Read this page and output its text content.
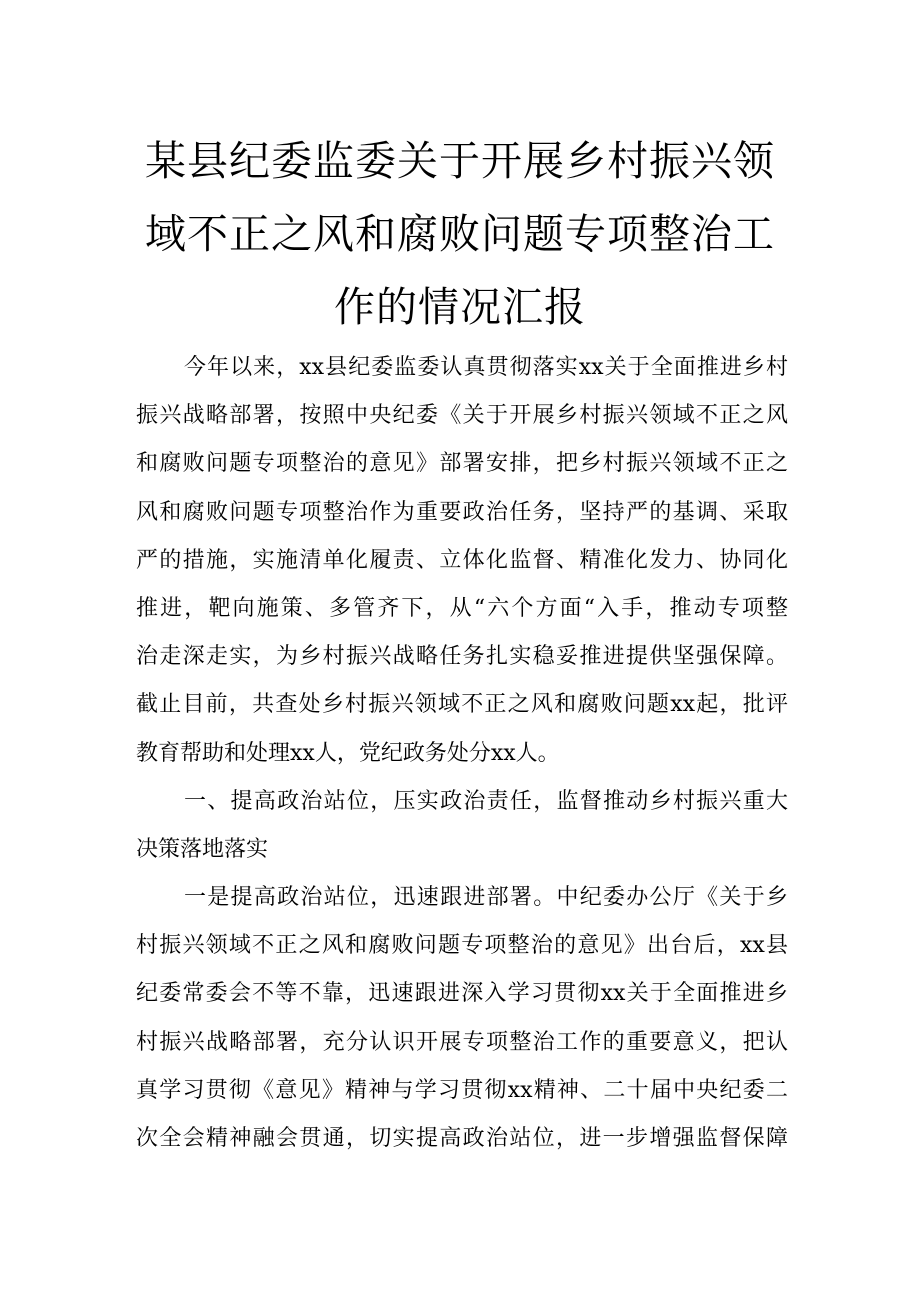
某县纪委监委关于开展乡村振兴领
域不正之风和腐败问题专项整治工
作的情况汇报
今年以来，xx县纪委监委认真贯彻落实xx关于全面推进乡村
振兴战略部署，按照中央纪委《关于开展乡村振兴领域不正之风
和腐败问题专项整治的意见》部署安排，把乡村振兴领域不正之
风和腐败问题专项整治作为重要政治任务，坚持严的基调、采取
严的措施，实施清单化履责、立体化监督、精准化发力、协同化
推进，靶向施策、多管齐下，从“六个方面“入手，推动专项整
治走深走实，为乡村振兴战略任务扎实稳妥推进提供坚强保障。
截止目前，共查处乡村振兴领域不正之风和腐败问题xx起，批评
教育帮助和处理xx人，党纪政务处分xx人。
一、提高政治站位，压实政治责任，监督推动乡村振兴重大
决策落地落实
一是提高政治站位，迅速跟进部署。中纪委办公厅《关于乡
村振兴领域不正之风和腐败问题专项整治的意见》出台后，xx县
纪委常委会不等不靠，迅速跟进深入学习贯彻xx关于全面推进乡
村振兴战略部署，充分认识开展专项整治工作的重要意义，把认
真学习贯彻《意见》精神与学习贯彻xx精神、二十届中央纪委二
次全会精神融会贯通，切实提高政治站位，进一步增强监督保障
